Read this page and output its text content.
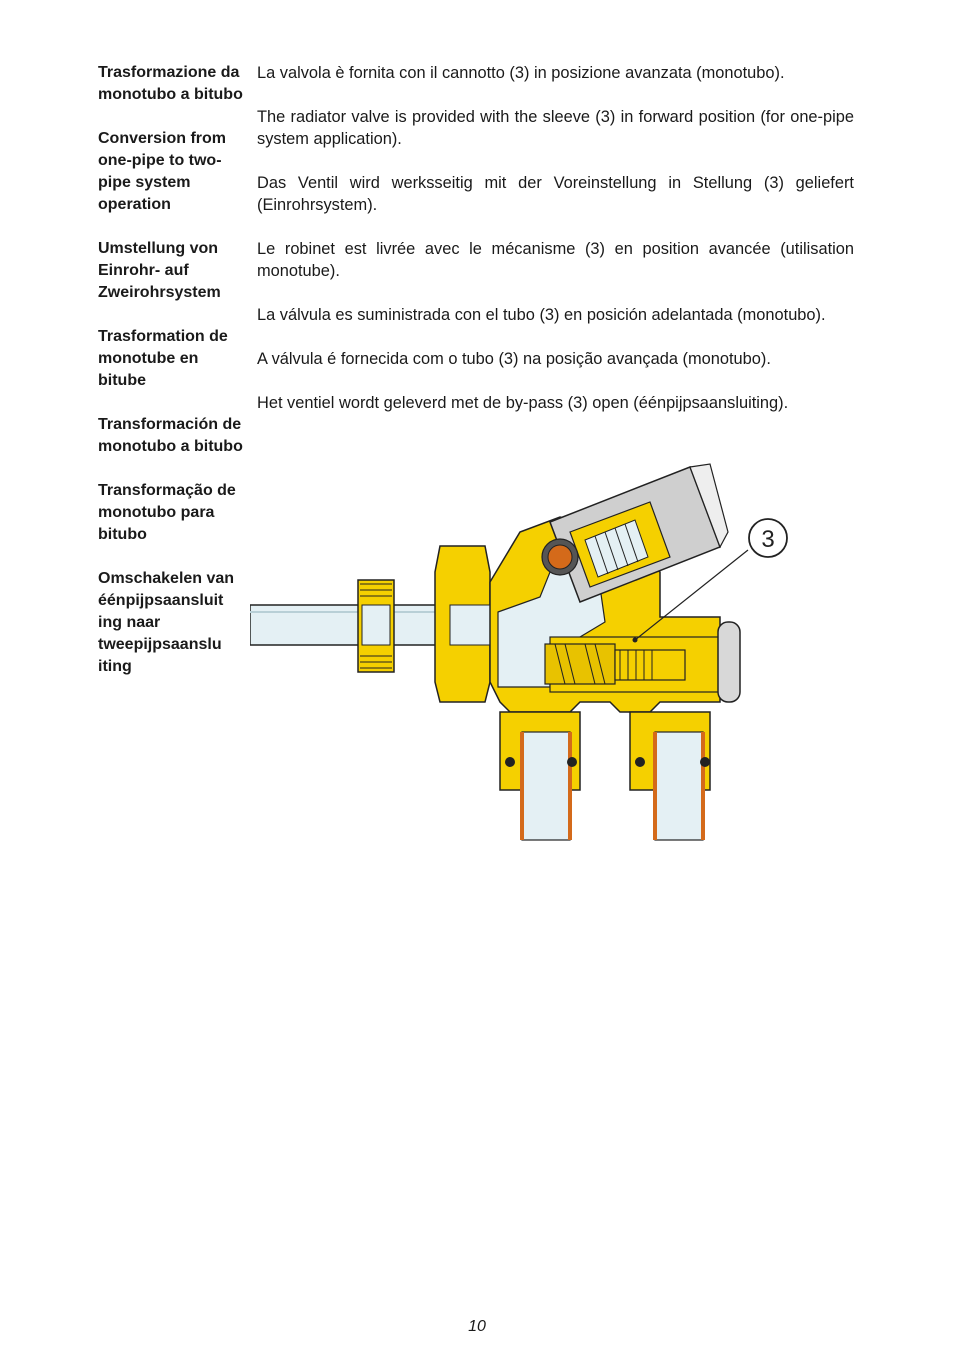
Trasformazione da monotubo a bitubo
Conversion from one-pipe to two-pipe system operation
Umstellung von Einrohr- auf Zweirohrsystem
Trasformation de monotube en bitube
Transformación de monotubo a bitubo
Transformação de monotubo para bitubo
Omschakelen van éénpijpsaansluit ing naar tweepijpsaanslu iting

La valvola è fornita con il cannotto (3) in posizione avanzata (monotubo).

The radiator valve is provided with the sleeve (3) in forward position (for one-pipe system application).

Das Ventil wird werksseitig mit der Voreinstellung in Stellung (3) geliefert (Einrohrsystem).

Le robinet est livrée avec le mécanisme (3) en position avancée (utilisation monotube).

La válvula es suministrada con el tubo (3) en posición adelantada (monotubo).

A válvula é fornecida com o tubo (3) na posição avançada (monotubo).

Het ventiel wordt geleverd met de by-pass (3) open (éénpijpsaansluiting).

3
10
